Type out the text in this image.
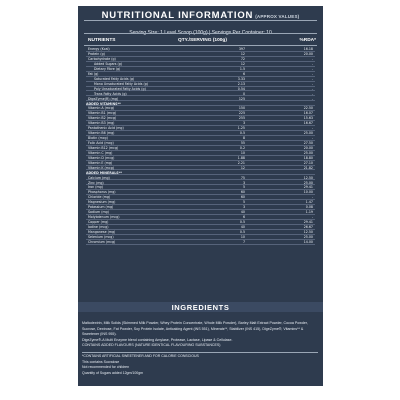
NUTRITIONAL INFORMATION (APPROX VALUES)
Serving Size: 1 Level Scoop (100g) | Servings Per Container: 10
NUTRIENTS	QTY./SERVING (100g)	%RDA*
Energy (Kcal)	397	16.18
Protein (g)	12	20.00
Carbohydrate (g)	72	-
Added Sugars (g)	12	-
Dietary Fibre (g)	1.5	-
Fat (g)	6	-
Saturated Fatty Acids (g)	3.33	-
Mono Unsaturated Fatty Acids (g)	2.13	-
Poly Unsaturated Fatty Acids (g)	0.54	-
Trans Fatty Acids (g)	0	-
DigeZyme(R) (mg)	125	-
ADDED VITAMINS**
Vitamin A (mcg)	150	22.50
Vitamin B1 (mcg)	225	16.07
Vitamin B2 (mcg)	255	15.63
Vitamin B3 (mg)	3	16.67
Pantothenic Acid (mg)	1.25	-
Vitamin B6 (mg)	0.5	25.00
Biotin (mcg)	8	-
Folic Acid (mcg)	55	27.50
Vitamin B12 (mcg)	0.2	20.00
Vitamin C (mg)	10	25.00
Vitamin D (mcg)	1.88	18.80
Vitamin E (mg)	2.21	27.10
Vitamin K (mcg)	12	21.82
ADDED MINERALS**
Calcium (mg)	75	12.50
Zinc (mg)	3	25.00
Iron (mg)	5	29.41
Phosphorus (mg)	60	10.00
Chloride (mg)	60	-
Magnesium (mg)	5	1.47
Potassium (mg)	3	0.08
Sodium (mg)	40	1.19
Molybdenum (mcg)	6	-
Copper (mg)	0.5	29.41
Iodine (mcg)	40	26.67
Manganese (mg)	0.5	12.50
Selenium (mcg)	10	25.00
Chromium (mcg)	7	14.00
INGREDIENTS

Maltodextrin, Milk Solids (Skimmed Milk Powder, Whey Protein Concentrate, Whole Milk Powder), Barley Malt Extract Powder, Cocoa Powder, Sucrose, Dextrose, Fat Powder, Soy Protein Isolate, Anticaking Agent (INS 551), Minerals**, Stabilizer (INS 415), DigeZyme®, Vitamins** & Sweetener (INS 955).

DigeZyme®-A Multi Enzyme blend containing Amylase, Protease, Lactase, Lipase & Cellulase.

CONTAINS ADDED FLAVOURS (NATURE IDENTICAL FLAVOURING SUBSTANCES)

*CONTAINS ARTIFICIAL SWEETENER AND FOR CALORIE CONSCIOUS

This contains Sucralose

Not recommended for children

Quantity of Sugars added 12gm/100gm
